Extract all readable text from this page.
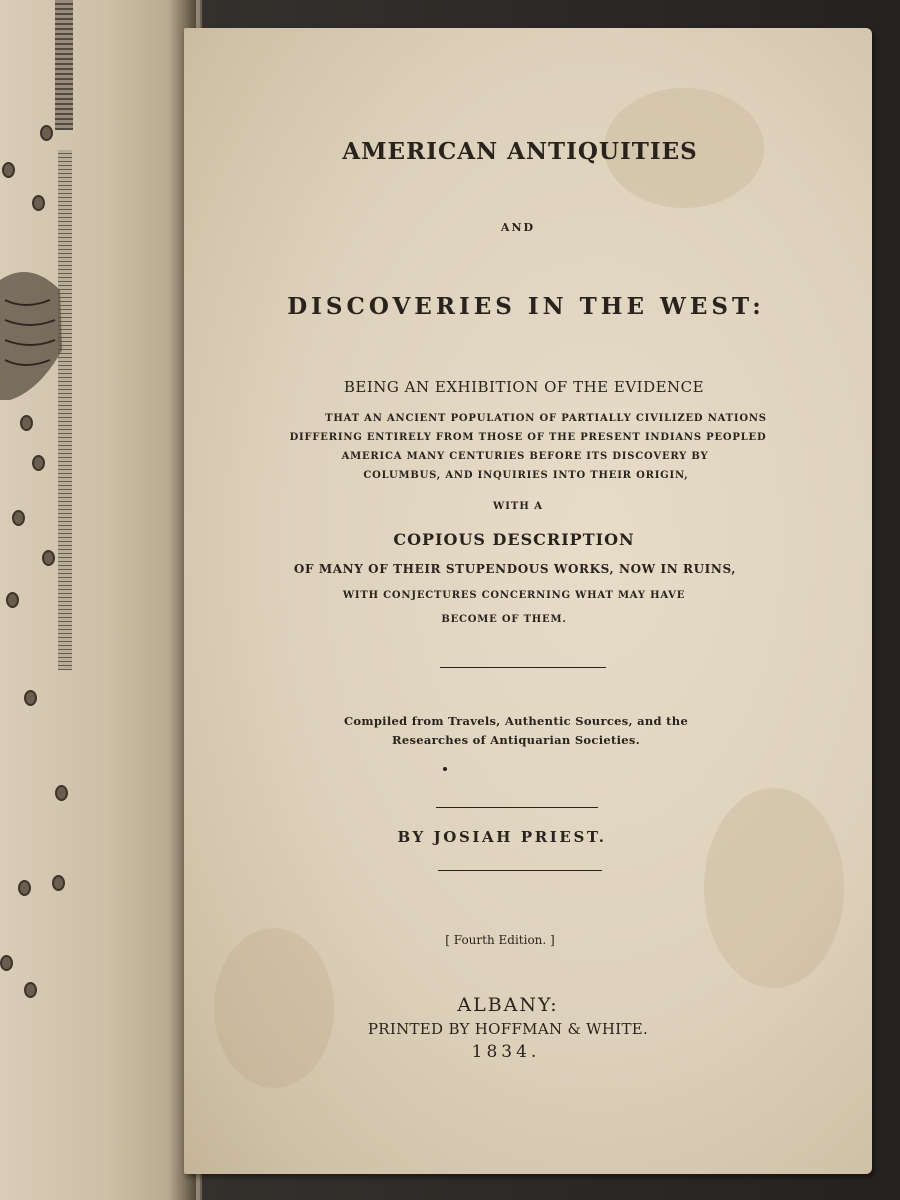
AMERICAN ANTIQUITIES
AND
DISCOVERIES IN THE WEST:
BEING AN EXHIBITION OF THE EVIDENCE
THAT AN ANCIENT POPULATION OF PARTIALLY CIVILIZED NATIONS
DIFFERING ENTIRELY FROM THOSE OF THE PRESENT INDIANS PEOPLED
AMERICA MANY CENTURIES BEFORE ITS DISCOVERY BY
COLUMBUS, AND INQUIRIES INTO THEIR ORIGIN,
WITH A
COPIOUS DESCRIPTION
OF MANY OF THEIR STUPENDOUS WORKS, NOW IN RUINS,
WITH CONJECTURES CONCERNING WHAT MAY HAVE
BECOME OF THEM.
Compiled from Travels, Authentic Sources, and the
Researches of Antiquarian Societies.
BY JOSIAH PRIEST.
[ Fourth Edition. ]
ALBANY:
PRINTED BY HOFFMAN & WHITE.
1834.
